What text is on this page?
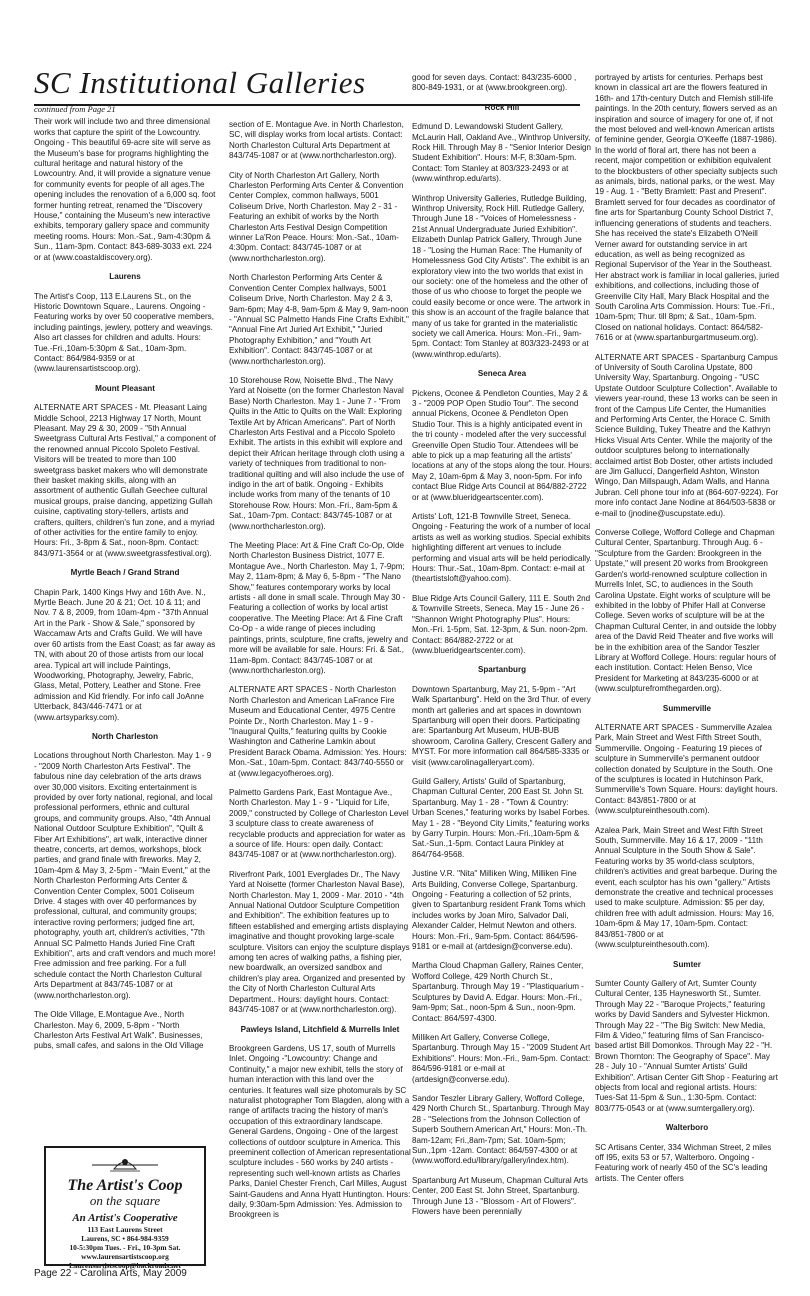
SC Institutional Galleries
continued from Page 21

Their work will include two and three dimensional works that capture the spirit of the Lowcountry. Ongoing - This beautiful 69-acre site will serve as the Museum's base for programs highlighting the cultural heritage and natural history of the Lowcountry. And, it will provide a signature venue for community events for people of all ages.The opening includes the renovation of a 6,000 sq. foot former hunting retreat, renamed the "Discovery House," containing the Museum's new interactive exhibits, temporary gallery space and community meeting rooms. Hours: Mon.-Sat., 9am-4:30pm & Sun., 11am-3pm. Contact: 843-689-3033 ext. 224 or at (www.coastaldiscovery.org).

Laurens

The Artist's Coop, 113 E.Laurens St., on the Historic Downtown Square., Laurens. Ongoing - Featuring works by over 50 cooperative members, including paintings, jewlery, pottery and weavings. Also art classes for children and adults. Hours: Tue.-Fri.,10am-5:30pm & Sat., 10am-3pm. Contact: 864/984-9359 or at (www.laurensartistscoop.org).

Mount Pleasant

ALTERNATE ART SPACES - Mt. Pleasant Laing Middle School, 2213 Highway 17 North, Mount Pleasant. May 29 & 30, 2009 - "5th Annual Sweetgrass Cultural Arts Festival," a component of the renowned annual Piccolo Spoleto Festival. Visitors will be treated to more than 100 sweetgrass basket makers who will demonstrate their basket making skills, along with an assortment of authentic Gullah Geechee cultural musical groups, praise dancing, appetizing Gullah cuisine, captivating story-tellers, artists and crafters, quilters, children's fun zone, and a myriad of other activities for the entire family to enjoy. Hours: Fri., 3-8pm & Sat., noon-8pm. Contact: 843/971-3564 or at (www.sweetgrassfestival.org).

Myrtle Beach / Grand Strand

Chapin Park, 1400 Kings Hwy and 16th Ave. N., Myrtle Beach. June 20 & 21; Oct. 10 & 11; and Nov. 7 & 8, 2009, from 10am-4pm - "37th Annual Art in the Park - Show & Sale," sponsored by Waccamaw Arts and Crafts Guild. We will have over 60 artists from the East Coast; as far away as TN, with about 20 of those artists from our local area. Typical art will include Paintings, Woodworking, Photography, Jewelry, Fabric, Glass, Metal, Pottery, Leather and Stone. Free admission and Kid friendly. For info call JoAnne Utterback, 843/446-7471 or at (www.artsyparksy.com).

North Charleston

Locations throughout North Charleston. May 1 - 9 - "2009 North Charleston Arts Festival". The fabulous nine day celebration of the arts draws over 30,000 visitors. Exciting entertainment is provided by over forty national, regional, and local professional performers, ethnic and cultural groups, and community groups. Also, "4th Annual National Outdoor Sculpture Exhibition", "Quilt & Fiber Art Exhibitions", art walk, interactive dinner theatre, concerts, art demos, workshops, block parties, and grand finale with fireworks. May 2, 10am-4pm & May 3, 2-5pm - "Main Event," at the North Charleston Performing Arts Center & Convention Center Complex, 5001 Coliseum Drive. 4 stages with over 40 performances by professional, cultural, and community groups; interactive roving performers; judged fine art, photography, youth art, children's activities, "7th Annual SC Palmetto Hands Juried Fine Craft Exhibition", arts and craft vendors and much more! Free admission and free parking. For a full schedule contact the North Charleston Cultural Arts Department at 843/745-1087 or at (www.northcharleston.org).

The Olde Village, E.Montague Ave., North Charleston. May 6, 2009, 5-8pm - "North Charleston Arts Festival Art Walk". Businesses, pubs, small cafes, and salons in the Old Village

The Artist's Coop
on the square
An Artist's Cooperative
113 East Laurens Street
Laurens, SC • 864-984-9359
10-5:30pm Tues. - Fri., 10-3pm Sat.
www.laurensartistscoop.org
Laurensartistscoop@backroads.net

section of E. Montague Ave. in North Charleston, SC, will display works from local artists. Contact: North Charleston Cultural Arts Department at 843/745-1087 or at (www.northcharleston.org).

City of North Charleston Art Gallery, North Charleston Performing Arts Center & Convention Center Complex, common hallways, 5001 Coliseum Drive, North Charleston. May 2 - 31 - Featuring an exhibit of works by the North Charleston Arts Festival Design Competition winner La'Ron Peace. Hours: Mon.-Sat., 10am-4:30pm. Contact: 843/745-1087 or at (www.northcharleston.org).

North Charleston Performing Arts Center & Convention Center Complex hallways, 5001 Coliseum Drive, North Charleston. May 2 & 3, 9am-6pm; May 4-8, 9am-5pm & May 9, 9am-noon - "Annual SC Palmetto Hands Fine Crafts Exhibit," "Annual Fine Art Juried Art Exhibit," "Juried Photography Exhibition," and "Youth Art Exhibition". Contact: 843/745-1087 or at (www.northcharleston.org).

10 Storehouse Row, Noisette Blvd., The Navy Yard at Noisette (on the former Charleston Naval Base) North Charleston. May 1 - June 7 - "From Quilts in the Attic to Quilts on the Wall: Exploring Textile Art by African Americans". Part of North Charleston Arts Festival and a Piccolo Spoleto Exhibit. The artists in this exhibit will explore and depict their African heritage through cloth using a variety of techniques from traditional to non-traditional quilting and will also include the use of indigo in the art of batik. Ongoing - Exhibits include works from many of the tenants of 10 Storehouse Row. Hours: Mon.-Fri., 8am-5pm & Sat., 10am-7pm. Contact: 843/745-1087 or at (www.northcharleston.org).

The Meeting Place: Art & Fine Craft Co-Op, Olde North Charleston Business District, 1077 E. Montague Ave., North Charleston. May 1, 7-9pm; May 2, 11am-8pm; & May 6, 5-8pm - "The Nano Show," features contemporary works by local artists - all done in small scale. Through May 30 - Featuring a collection of works by local artist cooperative. The Meeting Place: Art & Fine Craft Co-Op - a wide range of pieces including paintings, prints, sculpture, fine crafts, jewelry and more will be available for sale. Hours: Fri. & Sat., 11am-8pm. Contact: 843/745-1087 or at (www.northcharleston.org).

ALTERNATE ART SPACES - North Charleston North Charleston and American LaFrance Fire Museum and Educational Center, 4975 Centre Pointe Dr., North Charleston. May 1 - 9 - "Inaugural Quilts," featuring quilts by Cookie Washington and Catherine Lamkin about President Barack Obama. Admission: Yes. Hours: Mon.-Sat., 10am-5pm. Contact: 843/740-5550 or at (www.legacyofheroes.org).

Palmetto Gardens Park, East Montague Ave., North Charleston. May 1 - 9 - "Liquid for Life, 2009," constructed by College of Charleston Level 3 sculpture class to create awareness of recyclable products and appreciation for water as a source of life. Hours: open daily. Contact: 843/745-1087 or at (www.northcharleston.org).

Riverfront Park, 1001 Everglades Dr., The Navy Yard at Noisette (former Charleston Naval Base), North Charleston. May 1, 2009 - Mar. 2010 - "4th Annual National Outdoor Sculpture Competition and Exhibition". The exhibition features up to fifteen established and emerging artists displaying imaginative and thought provoking large-scale sculpture. Visitors can enjoy the sculpture displays among ten acres of walking paths, a fishing pier, new boardwalk, an oversized sandbox and children's play area. Organized and presented by the City of North Charleston Cultural Arts Department.. Hours: daylight hours. Contact: 843/745-1087 or at (www.northcharleston.org).

Pawleys Island, Litchfield & Murrells Inlet

Brookgreen Gardens, US 17, south of Murrells Inlet. Ongoing -"Lowcountry: Change and Continuity," a major new exhibit, tells the story of human interaction with this land over the centuries. It features wall size photomurals by SC naturalist photographer Tom Blagden, along with a range of artifacts tracing the history of man's occupation of this extraordinary landscape. General Gardens, Ongoing - One of the largest collections of outdoor sculpture in America. This preeminent collection of American representational sculpture includes - 560 works by 240 artists - representing such well-known artists as Charles Parks, Daniel Chester French, Carl Milles, August Saint-Gaudens and Anna Hyatt Huntington. Hours: daily, 9:30am-5pm Admission: Yes. Admission to Brookgreen is

good for seven days. Contact: 843/235-6000 , 800-849-1931, or at (www.brookgreen.org).

Rock Hill

Edmund D. Lewandowski Student Gallery, McLaurin Hall, Oakland Ave., Winthrop University, Rock Hill. Through May 8 - "Senior Interior Design Student Exhibition". Hours: M-F, 8:30am-5pm. Contact: Tom Stanley at 803/323-2493 or at (www.winthrop.edu/arts).

Winthrop University Galleries, Rutledge Building, Winthrop University, Rock Hill. Rutledge Gallery, Through June 18 - "Voices of Homelessness - 21st Annual Undergraduate Juried Exhibition". Elizabeth Dunlap Patrick Gallery, Through June 18 - "Losing the Human Race: The Humanity of Homelessness God City Artists". The exhibit is an exploratory view into the two worlds that exist in our society: one of the homeless and the other of those of us who choose to forget the people we could easily become or once were. The artwork in this show is an account of the fragile balance that many of us take for granted in the materialistic society we call America. Hours: Mon.-Fri., 9am-5pm. Contact: Tom Stanley at 803/323-2493 or at (www.winthrop.edu/arts).

Seneca Area

Pickens, Oconee & Pendleton Counties, May 2 & 3 - "2009 POP Open Studio Tour". The second annual Pickens, Oconee & Pendleton Open Studio Tour. This is a highly anticipated event in the tri county - modeled after the very successful Greenville Open Studio Tour. Attendees will be able to pick up a map featuring all the artists' locations at any of the stops along the tour. Hours: May 2, 10am-6pm & May 3, noon-5pm. For info contact Blue Ridge Arts Council at 864/882-2722 or at (www.blueridgeartscenter.com).

Artists' Loft, 121-B Townville Street, Seneca. Ongoing - Featuring the work of a number of local artists as well as working studios. Special exhibits highlighting different art venues to include performing and visual arts will be held periodically. Hours: Thur.-Sat., 10am-8pm. Contact: e-mail at (theartistsloft@yahoo.com).

Blue Ridge Arts Council Gallery, 111 E. South 2nd & Townville Streets, Seneca. May 15 - June 26 - "Shannon Wright Photography Plus". Hours: Mon.-Fri. 1-5pm, Sat. 12-3pm, & Sun. noon-2pm. Contact: 864/882-2722 or at (www.blueridgeartscenter.com).

Spartanburg

Downtown Spartanburg, May 21, 5-9pm - "Art Walk Spartanburg". Held on the 3rd Thur. of every month art galleries and art spaces in downtown Spartanburg will open their doors. Participating are: Spartanburg Art Museum, HUB-BUB showroom, Carolina Gallery, Crescent Gallery and MYST. For more information call 864/585-3335 or visit (www.carolinagalleryart.com).

Guild Gallery, Artists' Guild of Spartanburg, Chapman Cultural Center, 200 East St. John St. Spartanburg. May 1 - 28 - "Town & Country: Urban Scenes," featuring works by Isabel Forbes. May 1 - 28 - "Beyond City Limits," featuring works by Garry Turpin. Hours: Mon.-Fri.,10am-5pm & Sat.-Sun.,1-5pm. Contact Laura Pinkley at 864/764-9568.

Justine V.R. "Nita" Milliken Wing, Milliken Fine Arts Building, Converse College, Spartanburg. Ongoing - Featuring a collection of 52 prints, given to Spartanburg resident Frank Toms which includes works by Joan Miro, Salvador Dali, Alexander Calder, Helmut Newton and others. Hours: Mon.-Fri., 9am-5pm. Contact: 864/596-9181 or e-mail at (artdesign@converse.edu).

Martha Cloud Chapman Gallery, Raines Center, Wofford College, 429 North Church St., Spartanburg. Through May 19 - "Plastiquarium - Sculptures by David A. Edgar. Hours: Mon.-Fri., 9am-9pm; Sat., noon-5pm & Sun., noon-9pm. Contact: 864/597-4300.

Milliken Art Gallery, Converse College, Spartanburg. Through May 15 - "2009 Student Art Exhibitions". Hours: Mon.-Fri., 9am-5pm. Contact: 864/596-9181 or e-mail at (artdesign@converse.edu).

Sandor Teszler Library Gallery, Wofford College, 429 North Church St., Spartanburg. Through May 28 - "Selections from the Johnson Collection of Superb Southern American Art," Hours: Mon.-Th. 8am-12am; Fri.,8am-7pm; Sat. 10am-5pm; Sun.,1pm -12am. Contact: 864/597-4300 or at (www.wofford.edu/library/gallery/index.htm).

Spartanburg Art Museum, Chapman Cultural Arts Center, 200 East St. John Street, Spartanburg. Through June 13 - "Blossom - Art of Flowers". Flowers have been perennially

portrayed by artists for centuries. Perhaps best known in classical art are the flowers featured in 16th- and 17th-century Dutch and Flemish still-life paintings. In the 20th century, flowers served as an inspiration and source of imagery for one of, if not the most beloved and well-known American artists of feminine gender, Georgia O'Keeffe (1887-1986). In the world of floral art, there has not been a recent, major competition or exhibition equivalent to the blockbusters of other specialty subjects such as animals, birds, national parks, or the west. May 19 - Aug. 1 - "Betty Bramlett: Past and Present". Bramlett served for four decades as coordinator of fine arts for Spartanburg County School District 7, influencing generations of students and teachers. She has received the state's Elizabeth O'Neill Verner award for outstanding service in art education, as well as being recognized as Regional Supervisor of the Year in the Southeast. Her abstract work is familiar in local galleries, juried exhibitions, and collections, including those of Greenville City Hall, Mary Black Hospital and the South Carolina Arts Commission. Hours: Tue.-Fri., 10am-5pm; Thur. till 8pm; & Sat., 10am-5pm. Closed on national holidays. Contact: 864/582-7616 or at (www.spartanburgartmuseum.org).

ALTERNATE ART SPACES - Spartanburg Campus of University of South Carolina Upstate, 800 University Way, Spartanburg. Ongoing - "USC Upstate Outdoor Sculpture Collection". Available to viewers year-round, these 13 works can be seen in front of the Campus Life Center, the Humanities and Performing Arts Center, the Horace C. Smith Science Building, Tukey Theatre and the Kathryn Hicks Visual Arts Center. While the majority of the outdoor sculptures belong to internationally acclaimed artist Bob Doster, other artists included are Jim Gallucci, Dangerfield Ashton, Winston Wingo, Dan Millspaugh, Adam Walls, and Hanna Jubran. Cell phone tour info at (864-607-9224). For more info contact Jane Nodine at 864/503-5838 or e-mail to (jnodine@uscupstate.edu).

Converse College, Wofford College and Chapman Cultural Center, Spartanburg. Through Aug. 6 - "Sculpture from the Garden: Brookgreen in the Upstate," will present 20 works from Brookgreen Garden's world-renowned sculpture collection in Murrells Inlet, SC, to audiences in the South Carolina Upstate. Eight works of sculpture will be exhibited in the lobby of Phifer Hall at Converse College. Seven works of sculpture will be at the Chapman Cultural Center, in and outside the lobby area of the David Reid Theater and five works will be in the exhibition area of the Sandor Teszler Library at Wofford College. Hours: regular hours of each institution. Contact: Helen Benso, Vice President for Marketing at 843/235-6000 or at (www.sculpturefromthegarden.org).

Summerville

ALTERNATE ART SPACES - Summerville Azalea Park, Main Street and West Fifth Street South, Summerville. Ongoing - Featuring 19 pieces of sculpture in Summerville's permanent outdoor collection donated by Sculpture in the South. One of the sculptures is located in Hutchinson Park, Summerville's Town Square. Hours: daylight hours. Contact: 843/851-7800 or at (www.sculptureinthesouth.com).

Azalea Park, Main Street and West Fifth Street South, Summerville. May 16 & 17, 2009 - "11th Annual Sculpture in the South Show & Sale". Featuring works by 35 world-class sculptors, children's activities and great barbeque. During the event, each sculptor has his own "gallery." Artists demonstrate the creative and technical processes used to make sculpture. Admission: $5 per day, children free with adult admission. Hours: May 16, 10am-6pm & May 17, 10am-5pm. Contact: 843/851-7800 or at (www.sculptureinthesouth.com).

Sumter

Sumter County Gallery of Art, Sumter County Cultural Center, 135 Haynesworth St., Sumter. Through May 22 - "Baroque Projects," featuring works by David Sanders and Sylvester Hickmon. Through May 22 - "The Big Switch: New Media, Film & Video," featuring films of San Francisco-based artist Bill Domonkos. Through May 22 - "H. Brown Thornton: The Geography of Space". May 28 - July 10 - "Annual Sumter Artists' Guild Exhibition". Artisan Center Gift Shop - Featuring art objects from local and regional artists. Hours: Tues-Sat 11-5pm & Sun., 1:30-5pm. Contact: 803/775-0543 or at (www.sumtergallery.org).

Walterboro

SC Artisans Center, 334 Wichman Street, 2 miles off I95, exits 53 or 57, Walterboro. Ongoing - Featuring work of nearly 450 of the SC's leading artists. The Center offers

Page 22 - Carolina Arts, May 2009
